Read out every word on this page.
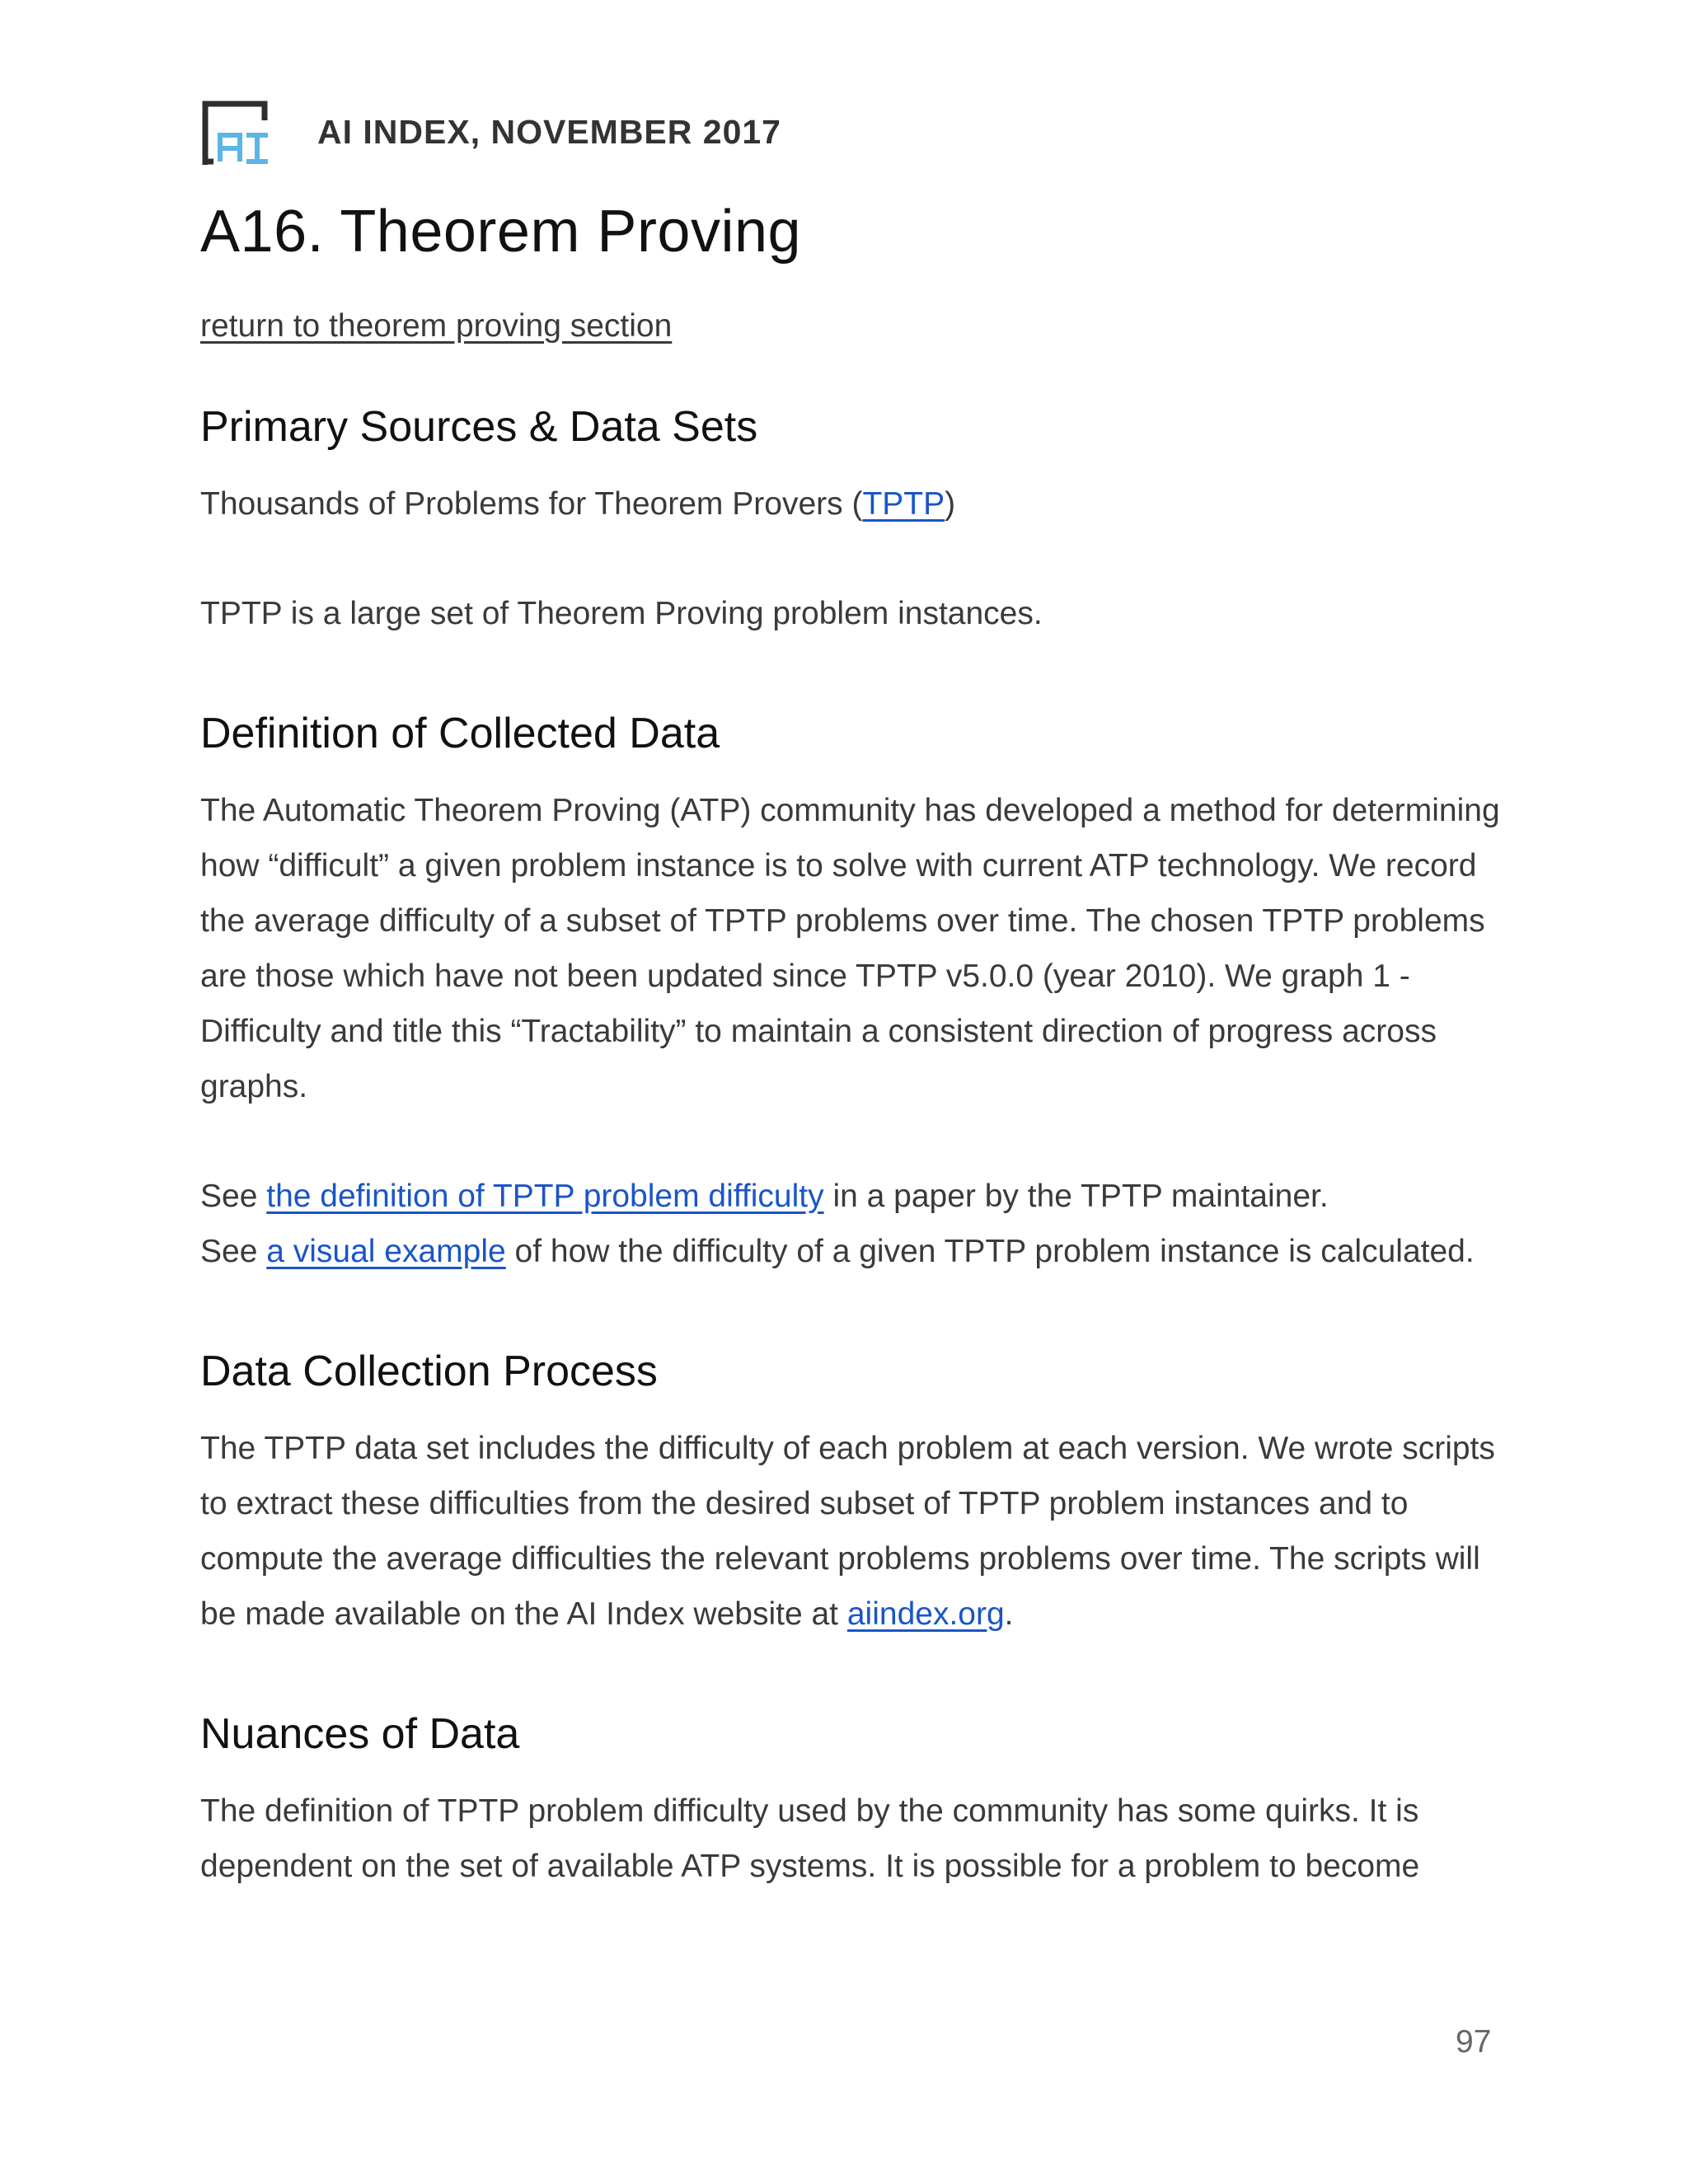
AI INDEX, NOVEMBER 2017
A16. Theorem Proving
return to theorem proving section
Primary Sources & Data Sets

Thousands of Problems for Theorem Provers (TPTP)

TPTP is a large set of Theorem Proving problem instances.

Definition of Collected Data

The Automatic Theorem Proving (ATP) community has developed a method for determining how “difficult” a given problem instance is to solve with current ATP technology. We record the average difficulty of a subset of TPTP problems over time. The chosen TPTP problems are those which have not been updated since TPTP v5.0.0 (year 2010). We graph 1 - Difficulty and title this “Tractability” to maintain a consistent direction of progress across graphs.

See the definition of TPTP problem difficulty in a paper by the TPTP maintainer.
See a visual example of how the difficulty of a given TPTP problem instance is calculated.

Data Collection Process

The TPTP data set includes the difficulty of each problem at each version. We wrote scripts to extract these difficulties from the desired subset of TPTP problem instances and to compute the average difficulties the relevant problems problems over time. The scripts will be made available on the AI Index website at aiindex.org.

Nuances of Data

The definition of TPTP problem difficulty used by the community has some quirks. It is dependent on the set of available ATP systems. It is possible for a problem to become

97
